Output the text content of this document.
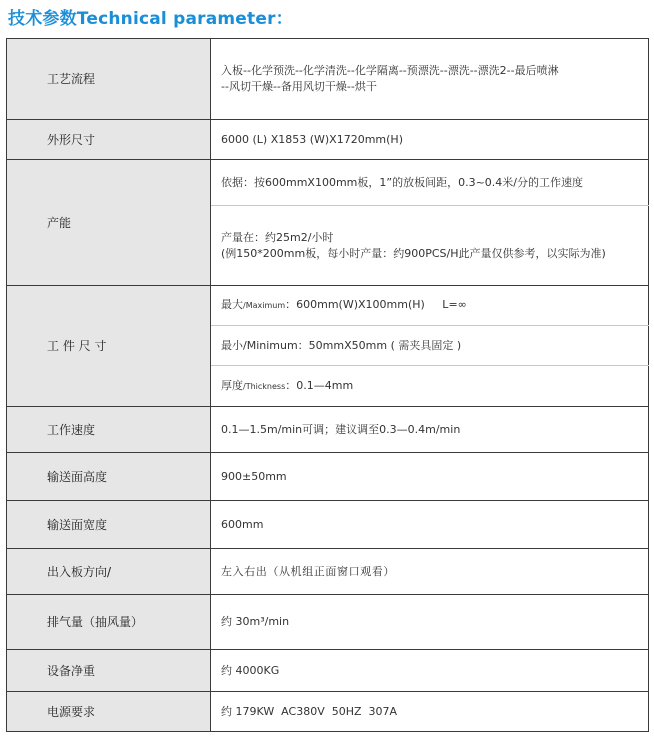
技术参数Technical parameter：
工艺流程	入板--化学预洗--化学清洗--化学隔离--预漂洗--漂洗--漂洗2--最后喷淋
--风切干燥--备用风切干燥--烘干

外形尺寸	6000 (L) X1853 (W)X1720mm(H)
产能	依据：按600mmX100mm板，1”的放板间距，0.3~0.4米/分的工作速度

	产量在：约25m2/小时
(例150*200mm板，每小时产量：约900PCS/H此产量仅供参考，以实际为准)

工 件 尺 寸	最大/Maximum：600mm(W)X100mm(H)     L=∞
	最小/Minimum：50mmX50mm ( 需夹具固定 )
	厚度/Thickness：0.1—4mm
工作速度	0.1—1.5m/min可调；建议调至0.3—0.4m/min
输送面高度	900±50mm
输送面宽度	600mm
出入板方向/	左入右出（从机组正面窗口观看）
排气量（抽风量）	约 30m³/min
设备净重	约 4000KG
电源要求	约 179KW  AC380V  50HZ  307A
